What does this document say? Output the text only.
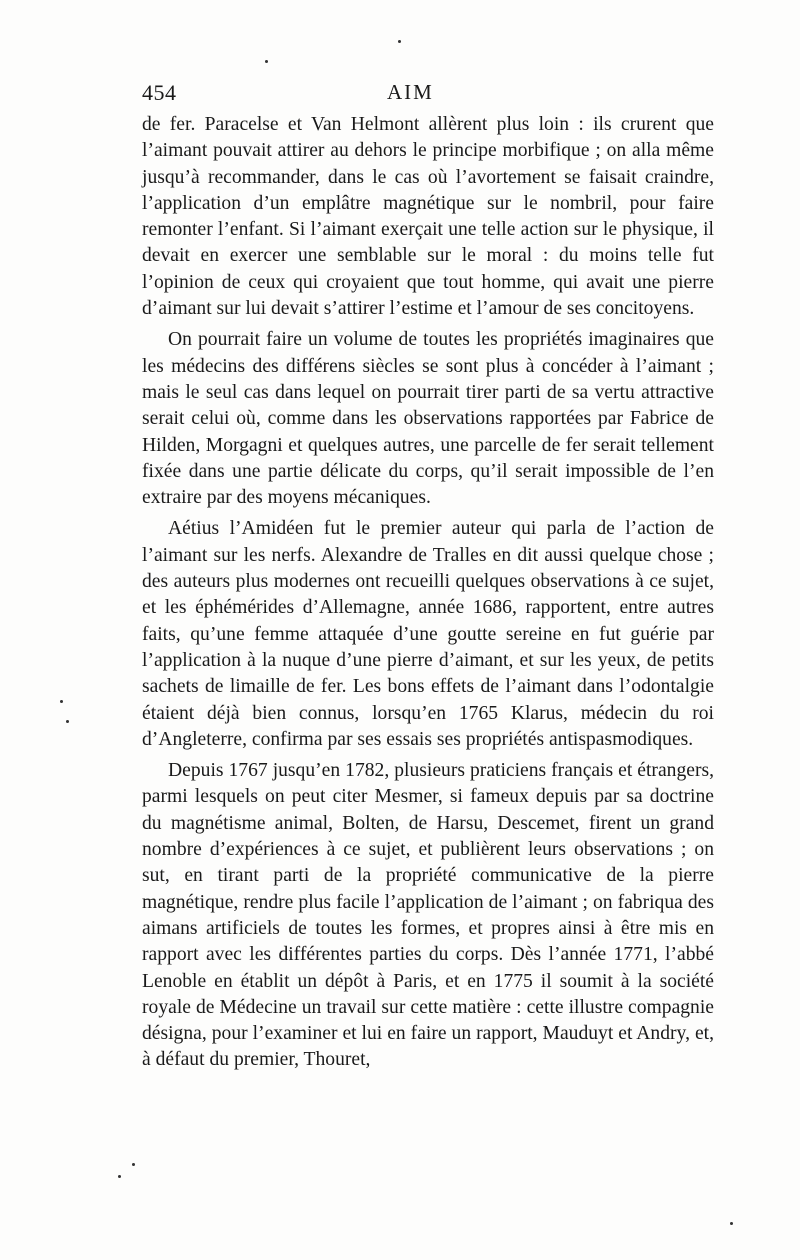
454	AIM

de fer. Paracelse et Van Helmont allèrent plus loin : ils crurent que l’aimant pouvait attirer au dehors le principe morbifique ; on alla même jusqu’à recommander, dans le cas où l’avortement se faisait craindre, l’application d’un emplâtre magnétique sur le nombril, pour faire remonter l’enfant. Si l’aimant exerçait une telle action sur le physique, il devait en exercer une semblable sur le moral : du moins telle fut l’opinion de ceux qui croyaient que tout homme, qui avait une pierre d’aimant sur lui devait s’attirer l’estime et l’amour de ses concitoyens.

On pourrait faire un volume de toutes les propriétés imaginaires que les médecins des différens siècles se sont plus à concéder à l’aimant ; mais le seul cas dans lequel on pourrait tirer parti de sa vertu attractive serait celui où, comme dans les observations rapportées par Fabrice de Hilden, Morgagni et quelques autres, une parcelle de fer serait tellement fixée dans une partie délicate du corps, qu’il serait impossible de l’en extraire par des moyens mécaniques.

Aétius l’Amidéen fut le premier auteur qui parla de l’action de l’aimant sur les nerfs. Alexandre de Tralles en dit aussi quelque chose ; des auteurs plus modernes ont recueilli quelques observations à ce sujet, et les éphémérides d’Allemagne, année 1686, rapportent, entre autres faits, qu’une femme attaquée d’une goutte sereine en fut guérie par l’application à la nuque d’une pierre d’aimant, et sur les yeux, de petits sachets de limaille de fer. Les bons effets de l’aimant dans l’odontalgie étaient déjà bien connus, lorsqu’en 1765 Klarus, médecin du roi d’Angleterre, confirma par ses essais ses propriétés antispasmodiques.

Depuis 1767 jusqu’en 1782, plusieurs praticiens français et étrangers, parmi lesquels on peut citer Mesmer, si fameux depuis par sa doctrine du magnétisme animal, Bolten, de Harsu, Descemet, firent un grand nombre d’expériences à ce sujet, et publièrent leurs observations ; on sut, en tirant parti de la propriété communicative de la pierre magnétique, rendre plus facile l’application de l’aimant ; on fabriqua des aimans artificiels de toutes les formes, et propres ainsi à être mis en rapport avec les différentes parties du corps. Dès l’année 1771, l’abbé Lenoble en établit un dépôt à Paris, et en 1775 il soumit à la société royale de Médecine un travail sur cette matière : cette illustre compagnie désigna, pour l’examiner et lui en faire un rapport, Mauduyt et Andry, et, à défaut du premier, Thouret,
